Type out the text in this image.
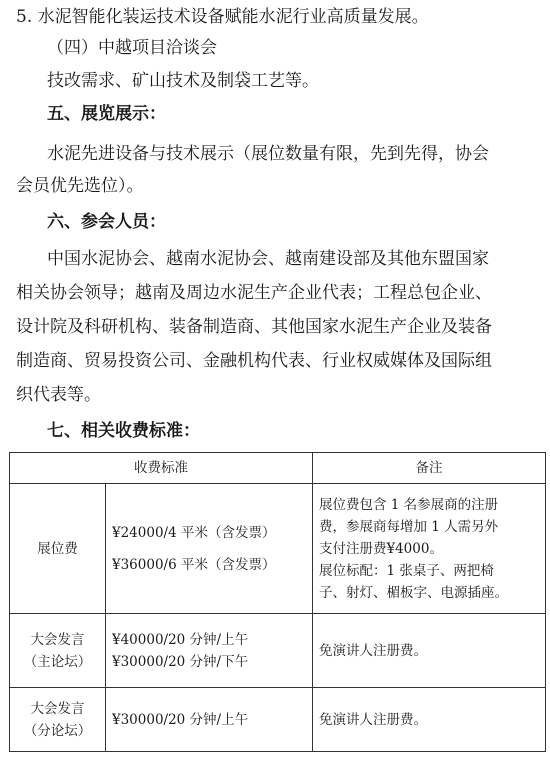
5. 水泥智能化装运技术设备赋能水泥行业高质量发展。
（四）中越项目洽谈会
技改需求、矿山技术及制袋工艺等。
五、展览展示：
水泥先进设备与技术展示（展位数量有限，先到先得，协会
会员优先选位）。
六、参会人员：
中国水泥协会、越南水泥协会、越南建设部及其他东盟国家
相关协会领导；越南及周边水泥生产企业代表；工程总包企业、
设计院及科研机构、装备制造商、其他国家水泥生产企业及装备
制造商、贸易投资公司、金融机构代表、行业权威媒体及国际组
织代表等。
七、相关收费标准：
收费标准		备注
展位费	¥24000/4 平米（含发票）
¥36000/6 平米（含发票）	展位费包含 1 名参展商的注册
费，参展商每增加 1 人需另外
支付注册费¥4000。
展位标配：1 张桌子、两把椅
子、射灯、楣板字、电源插座。

大会发言
（主论坛）	¥40000/20 分钟/上午
¥30000/20 分钟/下午	免演讲人注册费。

大会发言
（分论坛）	¥30000/20 分钟/上午	免演讲人注册费。
